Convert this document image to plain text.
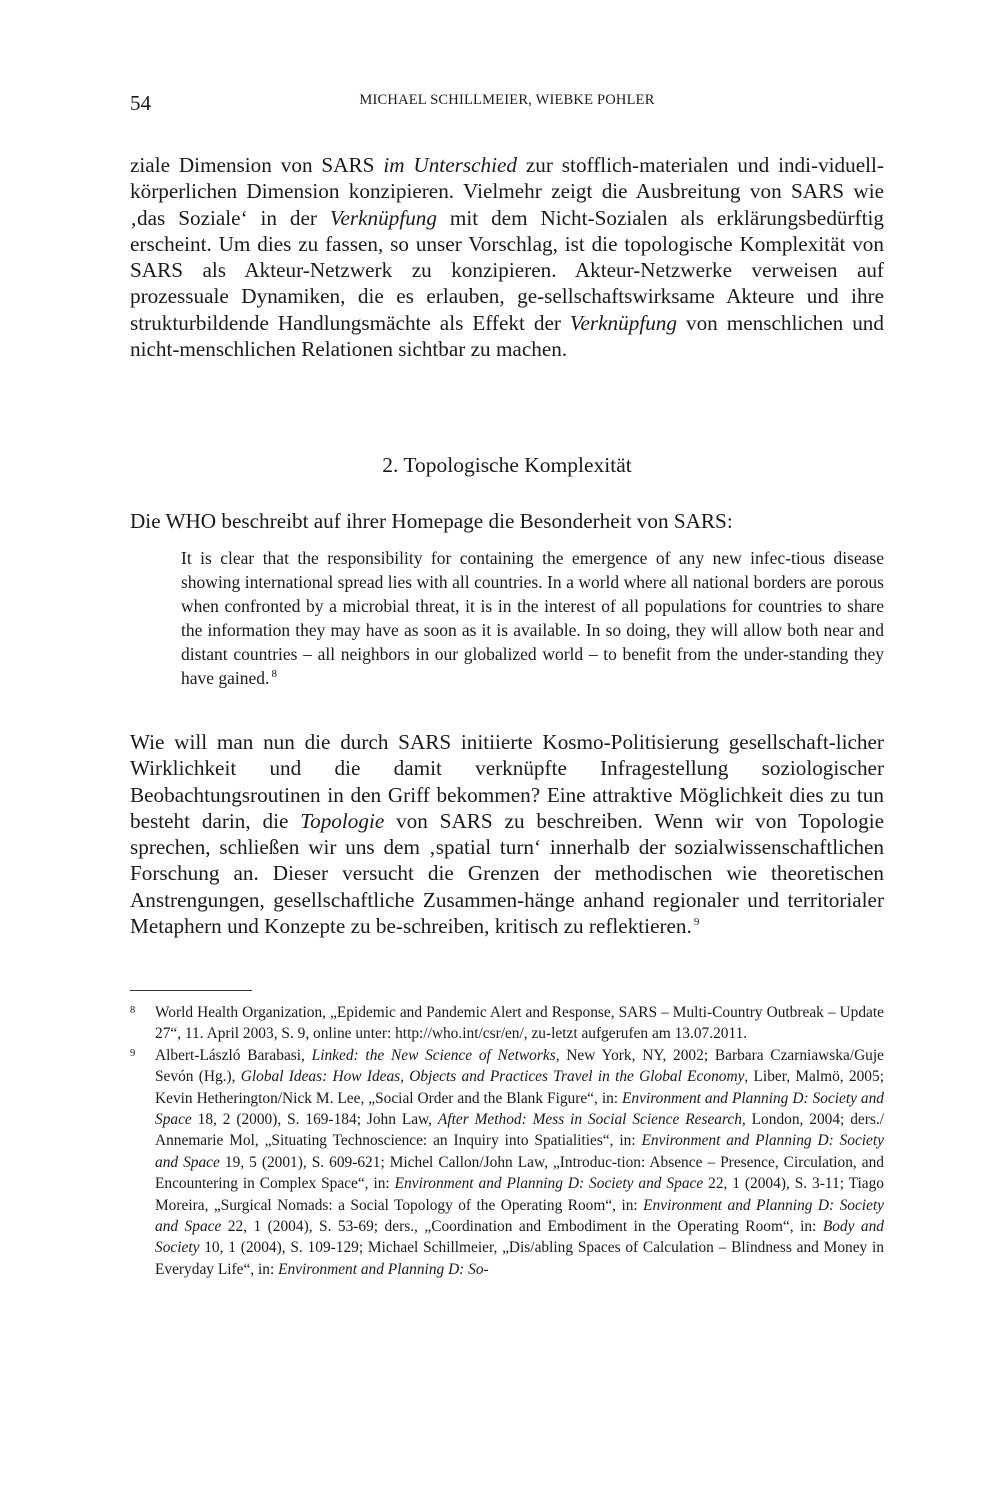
54	MICHAEL SCHILLMEIER, WIEBKE POHLER

ziale Dimension von SARS im Unterschied zur stofflich-materialen und indi-viduell-körperlichen Dimension konzipieren. Vielmehr zeigt die Ausbreitung von SARS wie ‚das Soziale‘ in der Verknüpfung mit dem Nicht-Sozialen als erklärungsbedürftig erscheint. Um dies zu fassen, so unser Vorschlag, ist die topologische Komplexität von SARS als Akteur-Netzwerk zu konzipieren. Akteur-Netzwerke verweisen auf prozessuale Dynamiken, die es erlauben, ge-sellschaftswirksame Akteure und ihre strukturbildende Handlungsmächte als Effekt der Verknüpfung von menschlichen und nicht-menschlichen Relationen sichtbar zu machen.

2. Topologische Komplexität

Die WHO beschreibt auf ihrer Homepage die Besonderheit von SARS:

It is clear that the responsibility for containing the emergence of any new infec-tious disease showing international spread lies with all countries. In a world where all national borders are porous when confronted by a microbial threat, it is in the interest of all populations for countries to share the information they may have as soon as it is available. In so doing, they will allow both near and distant countries – all neighbors in our globalized world – to benefit from the under-standing they have gained. $^8$

Wie will man nun die durch SARS initiierte Kosmo-Politisierung gesellschaft-licher Wirklichkeit und die damit verknüpfte Infragestellung soziologischer Beobachtungsroutinen in den Griff bekommen? Eine attraktive Möglichkeit dies zu tun besteht darin, die Topologie von SARS zu beschreiben. Wenn wir von Topologie sprechen, schließen wir uns dem ‚spatial turn‘ innerhalb der sozialwissenschaftlichen Forschung an. Dieser versucht die Grenzen der methodischen wie theoretischen Anstrengungen, gesellschaftliche Zusammen-hänge anhand regionaler und territorialer Metaphern und Konzepte zu be-schreiben, kritisch zu reflektieren. $^9$

8 World Health Organization, „Epidemic and Pandemic Alert and Response, SARS – Multi-Country Outbreak – Update 27“, 11. April 2003, S. 9, online unter: http://who.int/csr/en/, zu-letzt aufgerufen am 13.07.2011.

9 Albert-László Barabasi, Linked: the New Science of Networks, New York, NY, 2002; Barbara Czarniawska/Guje Sevón (Hg.), Global Ideas: How Ideas, Objects and Practices Travel in the Global Economy, Liber, Malmö, 2005; Kevin Hetherington/Nick M. Lee, „Social Order and the Blank Figure“, in: Environment and Planning D: Society and Space 18, 2 (2000), S. 169-184; John Law, After Method: Mess in Social Science Research, London, 2004; ders./ Annemarie Mol, „Situating Technoscience: an Inquiry into Spatialities“, in: Environment and Planning D: Society and Space 19, 5 (2001), S. 609-621; Michel Callon/John Law, „Introduc-tion: Absence – Presence, Circulation, and Encountering in Complex Space“, in: Environment and Planning D: Society and Space 22, 1 (2004), S. 3-11; Tiago Moreira, „Surgical Nomads: a Social Topology of the Operating Room“, in: Environment and Planning D: Society and Space 22, 1 (2004), S. 53-69; ders., „Coordination and Embodiment in the Operating Room“, in: Body and Society 10, 1 (2004), S. 109-129; Michael Schillmeier, „Dis/abling Spaces of Calculation – Blindness and Money in Everyday Life“, in: Environment and Planning D: So-
